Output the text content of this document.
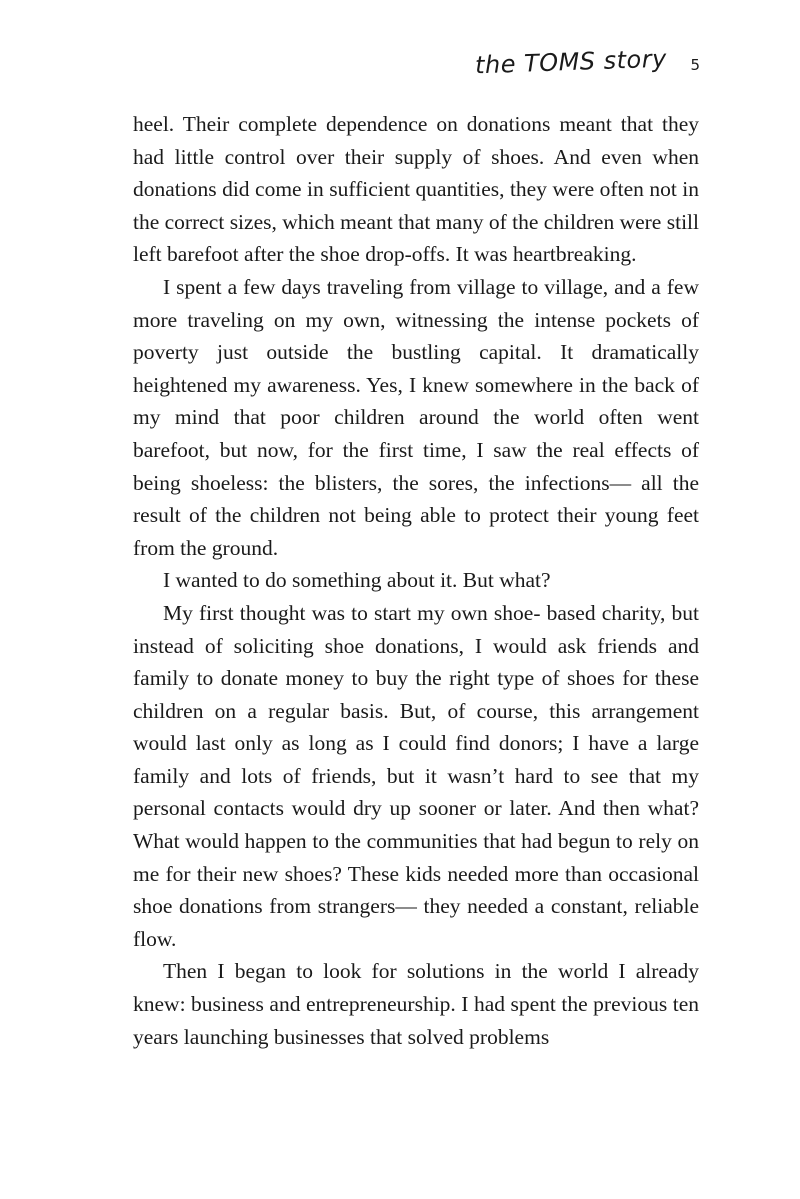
the TOMS story 5

heel. Their complete dependence on donations meant that they had little control over their supply of shoes. And even when donations did come in sufficient quantities, they were often not in the correct sizes, which meant that many of the children were still left barefoot after the shoe drop-offs. It was heartbreaking.

I spent a few days traveling from village to village, and a few more traveling on my own, witnessing the intense pockets of poverty just outside the bustling capital. It dramatically heightened my awareness. Yes, I knew somewhere in the back of my mind that poor children around the world often went barefoot, but now, for the first time, I saw the real effects of being shoeless: the blisters, the sores, the infections— all the result of the children not being able to protect their young feet from the ground.

I wanted to do something about it. But what?

My first thought was to start my own shoe- based charity, but instead of soliciting shoe donations, I would ask friends and family to donate money to buy the right type of shoes for these children on a regular basis. But, of course, this arrangement would last only as long as I could find donors; I have a large family and lots of friends, but it wasn’t hard to see that my personal contacts would dry up sooner or later. And then what? What would happen to the communities that had begun to rely on me for their new shoes? These kids needed more than occasional shoe donations from strangers— they needed a constant, reliable flow.

Then I began to look for solutions in the world I already knew: business and entrepreneurship. I had spent the previous ten years launching businesses that solved problems
